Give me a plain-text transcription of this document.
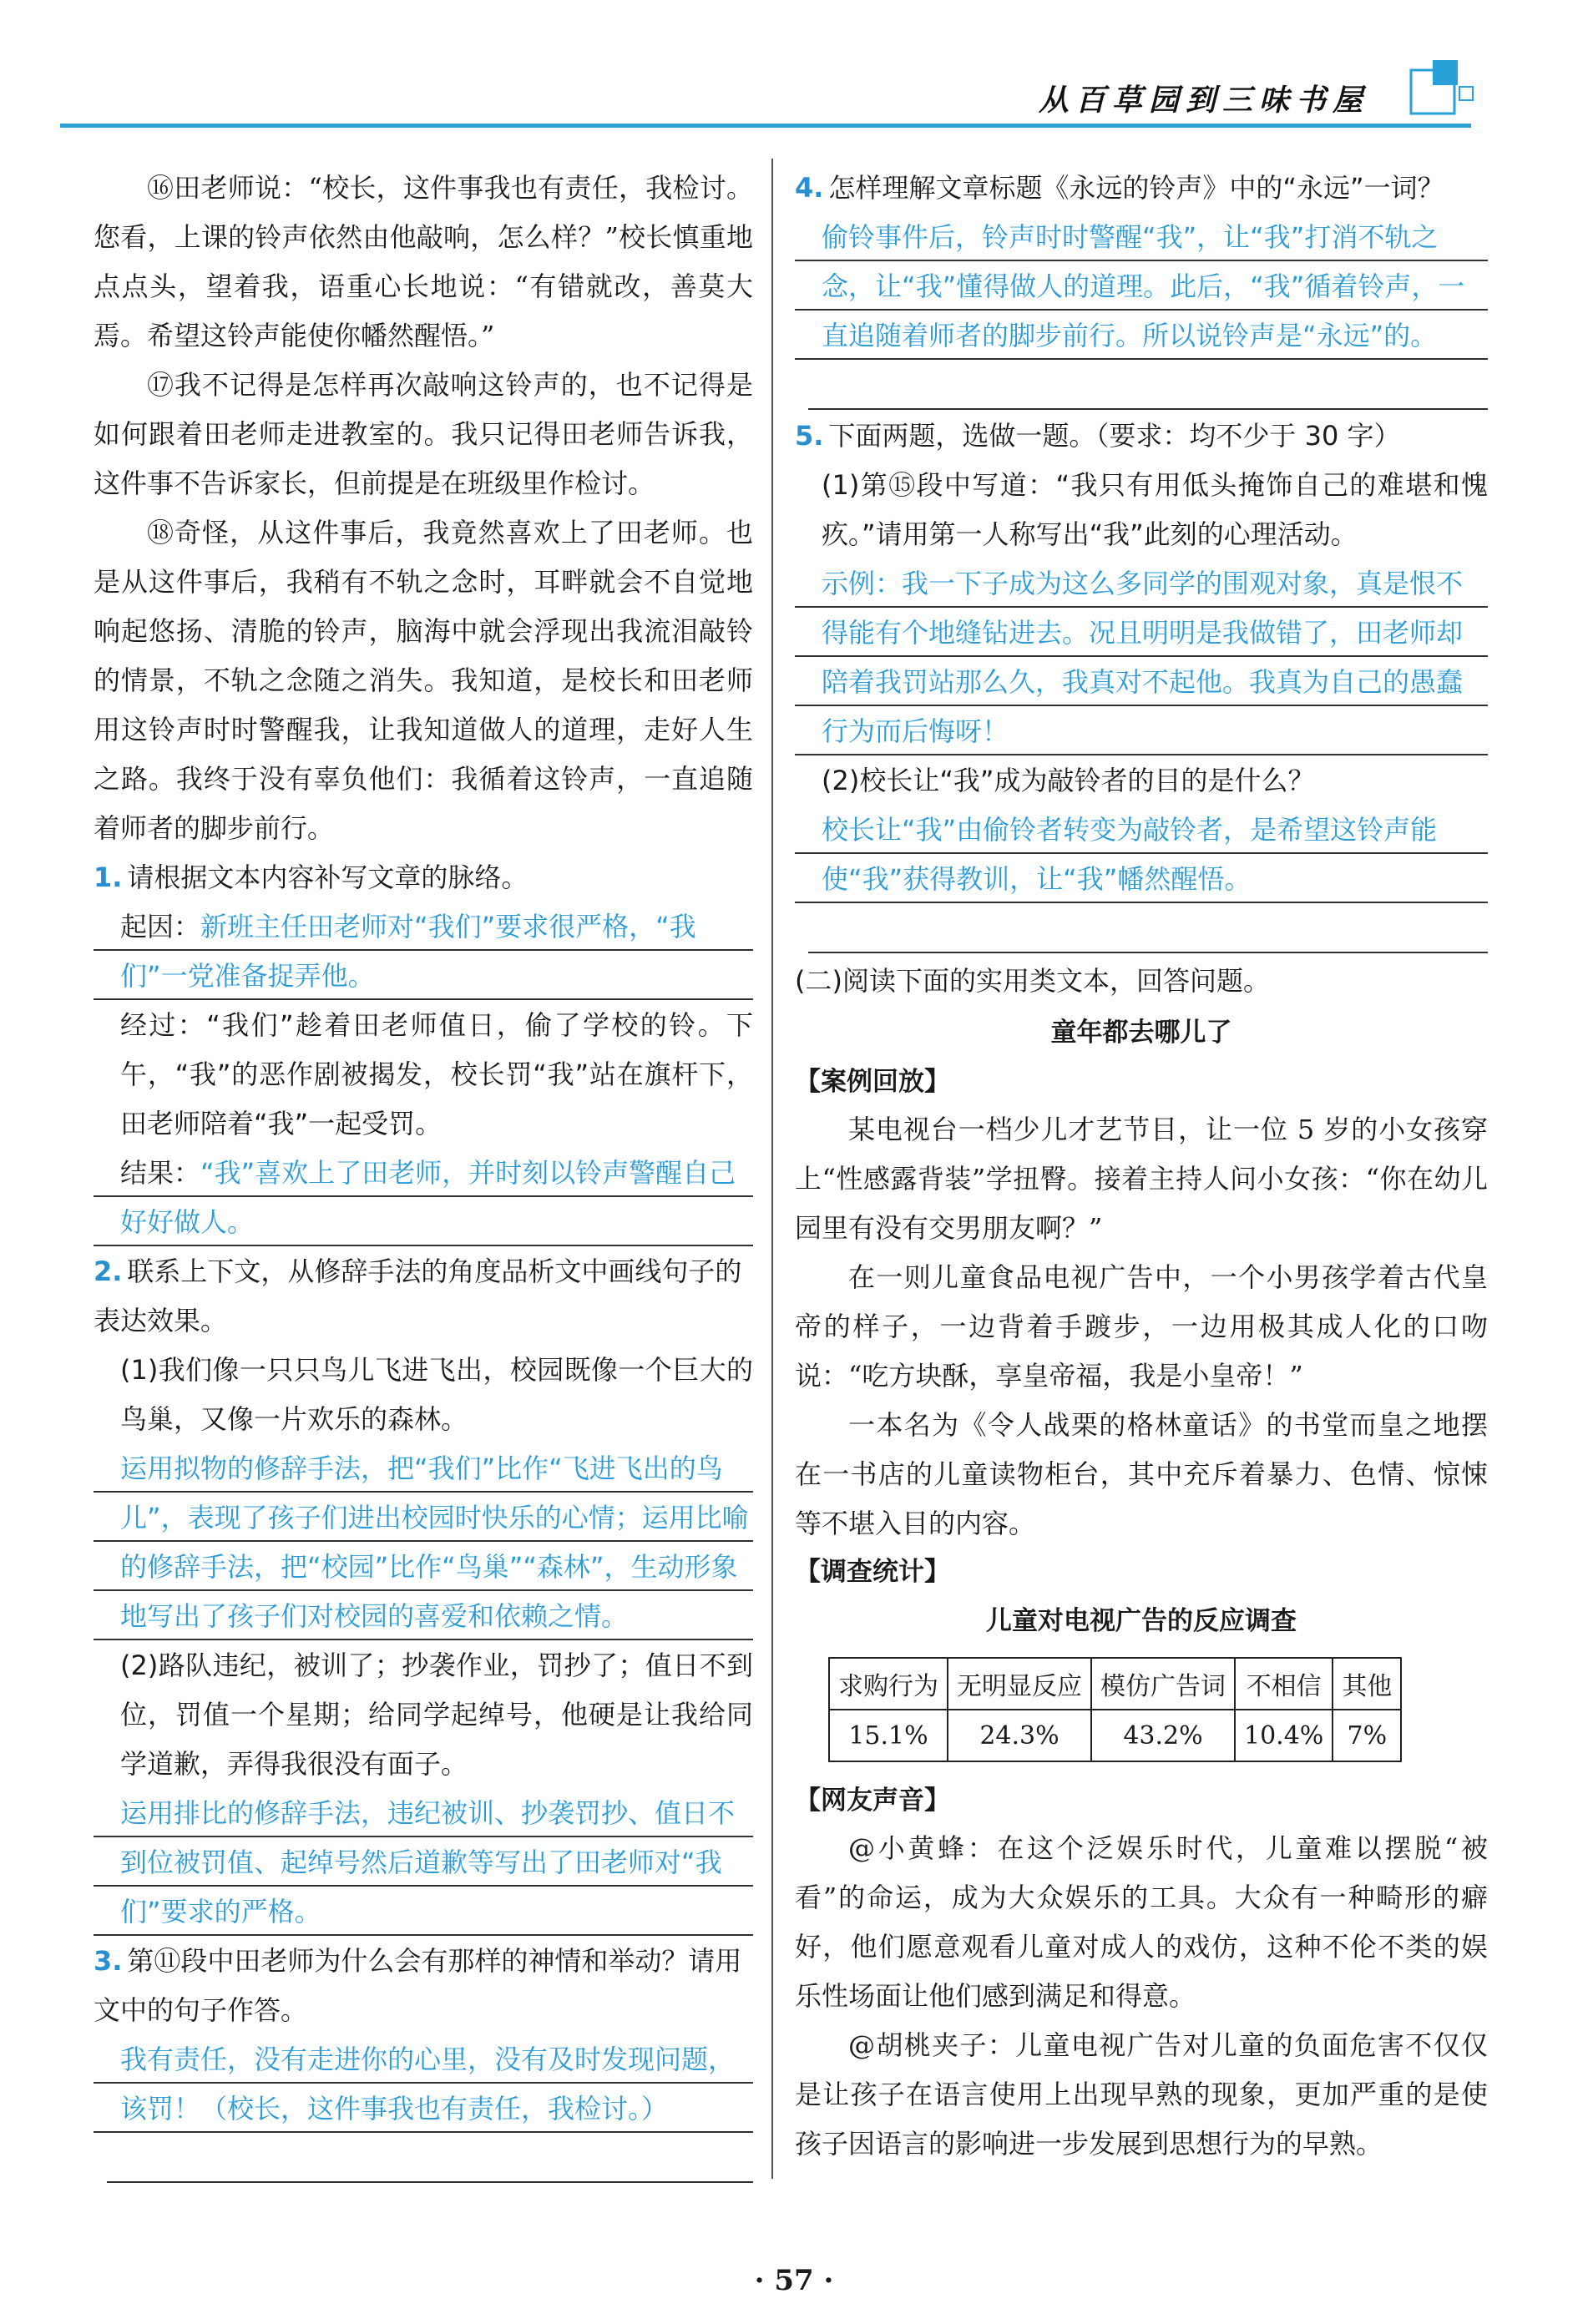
从百草园到三味书屋

⑯田老师说：“校长，这件事我也有责任，我检讨。您看，上课的铃声依然由他敲响，怎么样？”校长慎重地点点头，望着我，语重心长地说：“有错就改，善莫大焉。希望这铃声能使你幡然醒悟。”

⑰我不记得是怎样再次敲响这铃声的，也不记得是如何跟着田老师走进教室的。我只记得田老师告诉我，这件事不告诉家长，但前提是在班级里作检讨。

⑱奇怪，从这件事后，我竟然喜欢上了田老师。也是从这件事后，我稍有不轨之念时，耳畔就会不自觉地响起悠扬、清脆的铃声，脑海中就会浮现出我流泪敲铃的情景，不轨之念随之消失。我知道，是校长和田老师用这铃声时时警醒我，让我知道做人的道理，走好人生之路。我终于没有辜负他们：我循着这铃声，一直追随着师者的脚步前行。

1. 请根据文本内容补写文章的脉络。
起因：新班主任田老师对“我们”要求很严格，“我们”一党准备捉弄他。

经过：“我们”趁着田老师值日，偷了学校的铃。下午，“我”的恶作剧被揭发，校长罚“我”站在旗杆下，田老师陪着“我”一起受罚。

结果：“我”喜欢上了田老师，并时刻以铃声警醒自己好好做人。
2. 联系上下文，从修辞手法的角度品析文中画线句子的表达效果。

(1)我们像一只只鸟儿飞进飞出，校园既像一个巨大的鸟巢，又像一片欢乐的森林。

运用拟物的修辞手法，把“我们”比作“飞进飞出的鸟儿”，表现了孩子们进出校园时快乐的心情；运用比喻的修辞手法，把“校园”比作“鸟巢”“森林”，生动形象地写出了孩子们对校园的喜爱和依赖之情。

(2)路队违纪，被训了；抄袭作业，罚抄了；值日不到位，罚值一个星期；给同学起绰号，他硬是让我给同学道歉，弄得我很没有面子。

运用排比的修辞手法，违纪被训、抄袭罚抄、值日不到位被罚值、起绰号然后道歉等写出了田老师对“我们”要求的严格。
3. 第⑪段中田老师为什么会有那样的神情和举动？请用文中的句子作答。
我有责任，没有走进你的心里，没有及时发现问题，该罚！（校长，这件事我也有责任，我检讨。）
4. 怎样理解文章标题《永远的铃声》中的“永远”一词？
偷铃事件后，铃声时时警醒“我”，让“我”打消不轨之念，让“我”懂得做人的道理。此后，“我”循着铃声，一直追随着师者的脚步前行。所以说铃声是“永远”的。
5. 下面两题，选做一题。（要求：均不少于 30 字）

(1)第⑮段中写道：“我只有用低头掩饰自己的难堪和愧疚。”请用第一人称写出“我”此刻的心理活动。

示例：我一下子成为这么多同学的围观对象，真是恨不得能有个地缝钻进去。况且明明是我做错了，田老师却陪着我罚站那么久，我真对不起他。我真为自己的愚蠢行为而后悔呀！

(2)校长让“我”成为敲铃者的目的是什么？

校长让“我”由偷铃者转变为敲铃者，是希望这铃声能使“我”获得教训，让“我”幡然醒悟。

(二)阅读下面的实用类文本，回答问题。

童年都去哪儿了

【案例回放】

某电视台一档少儿才艺节目，让一位 5 岁的小女孩穿上“性感露背装”学扭臀。接着主持人问小女孩：“你在幼儿园里有没有交男朋友啊？”

在一则儿童食品电视广告中，一个小男孩学着古代皇帝的样子，一边背着手踱步，一边用极其成人化的口吻说：“吃方块酥，享皇帝福，我是小皇帝！”

一本名为《令人战栗的格林童话》的书堂而皇之地摆在一书店的儿童读物柜台，其中充斥着暴力、色情、惊悚等不堪入目的内容。

【调查统计】

儿童对电视广告的反应调查

求购行为	无明显反应	模仿广告词	不相信	其他
15.1%	24.3%	43.2%	10.4%	7%

【网友声音】

@小黄蜂：在这个泛娱乐时代，儿童难以摆脱“被看”的命运，成为大众娱乐的工具。大众有一种畸形的癖好，他们愿意观看儿童对成人的戏仿，这种不伦不类的娱乐性场面让他们感到满足和得意。

@胡桃夹子：儿童电视广告对儿童的负面危害不仅仅是让孩子在语言使用上出现早熟的现象，更加严重的是使孩子因语言的影响进一步发展到思想行为的早熟。

· 57 ·
